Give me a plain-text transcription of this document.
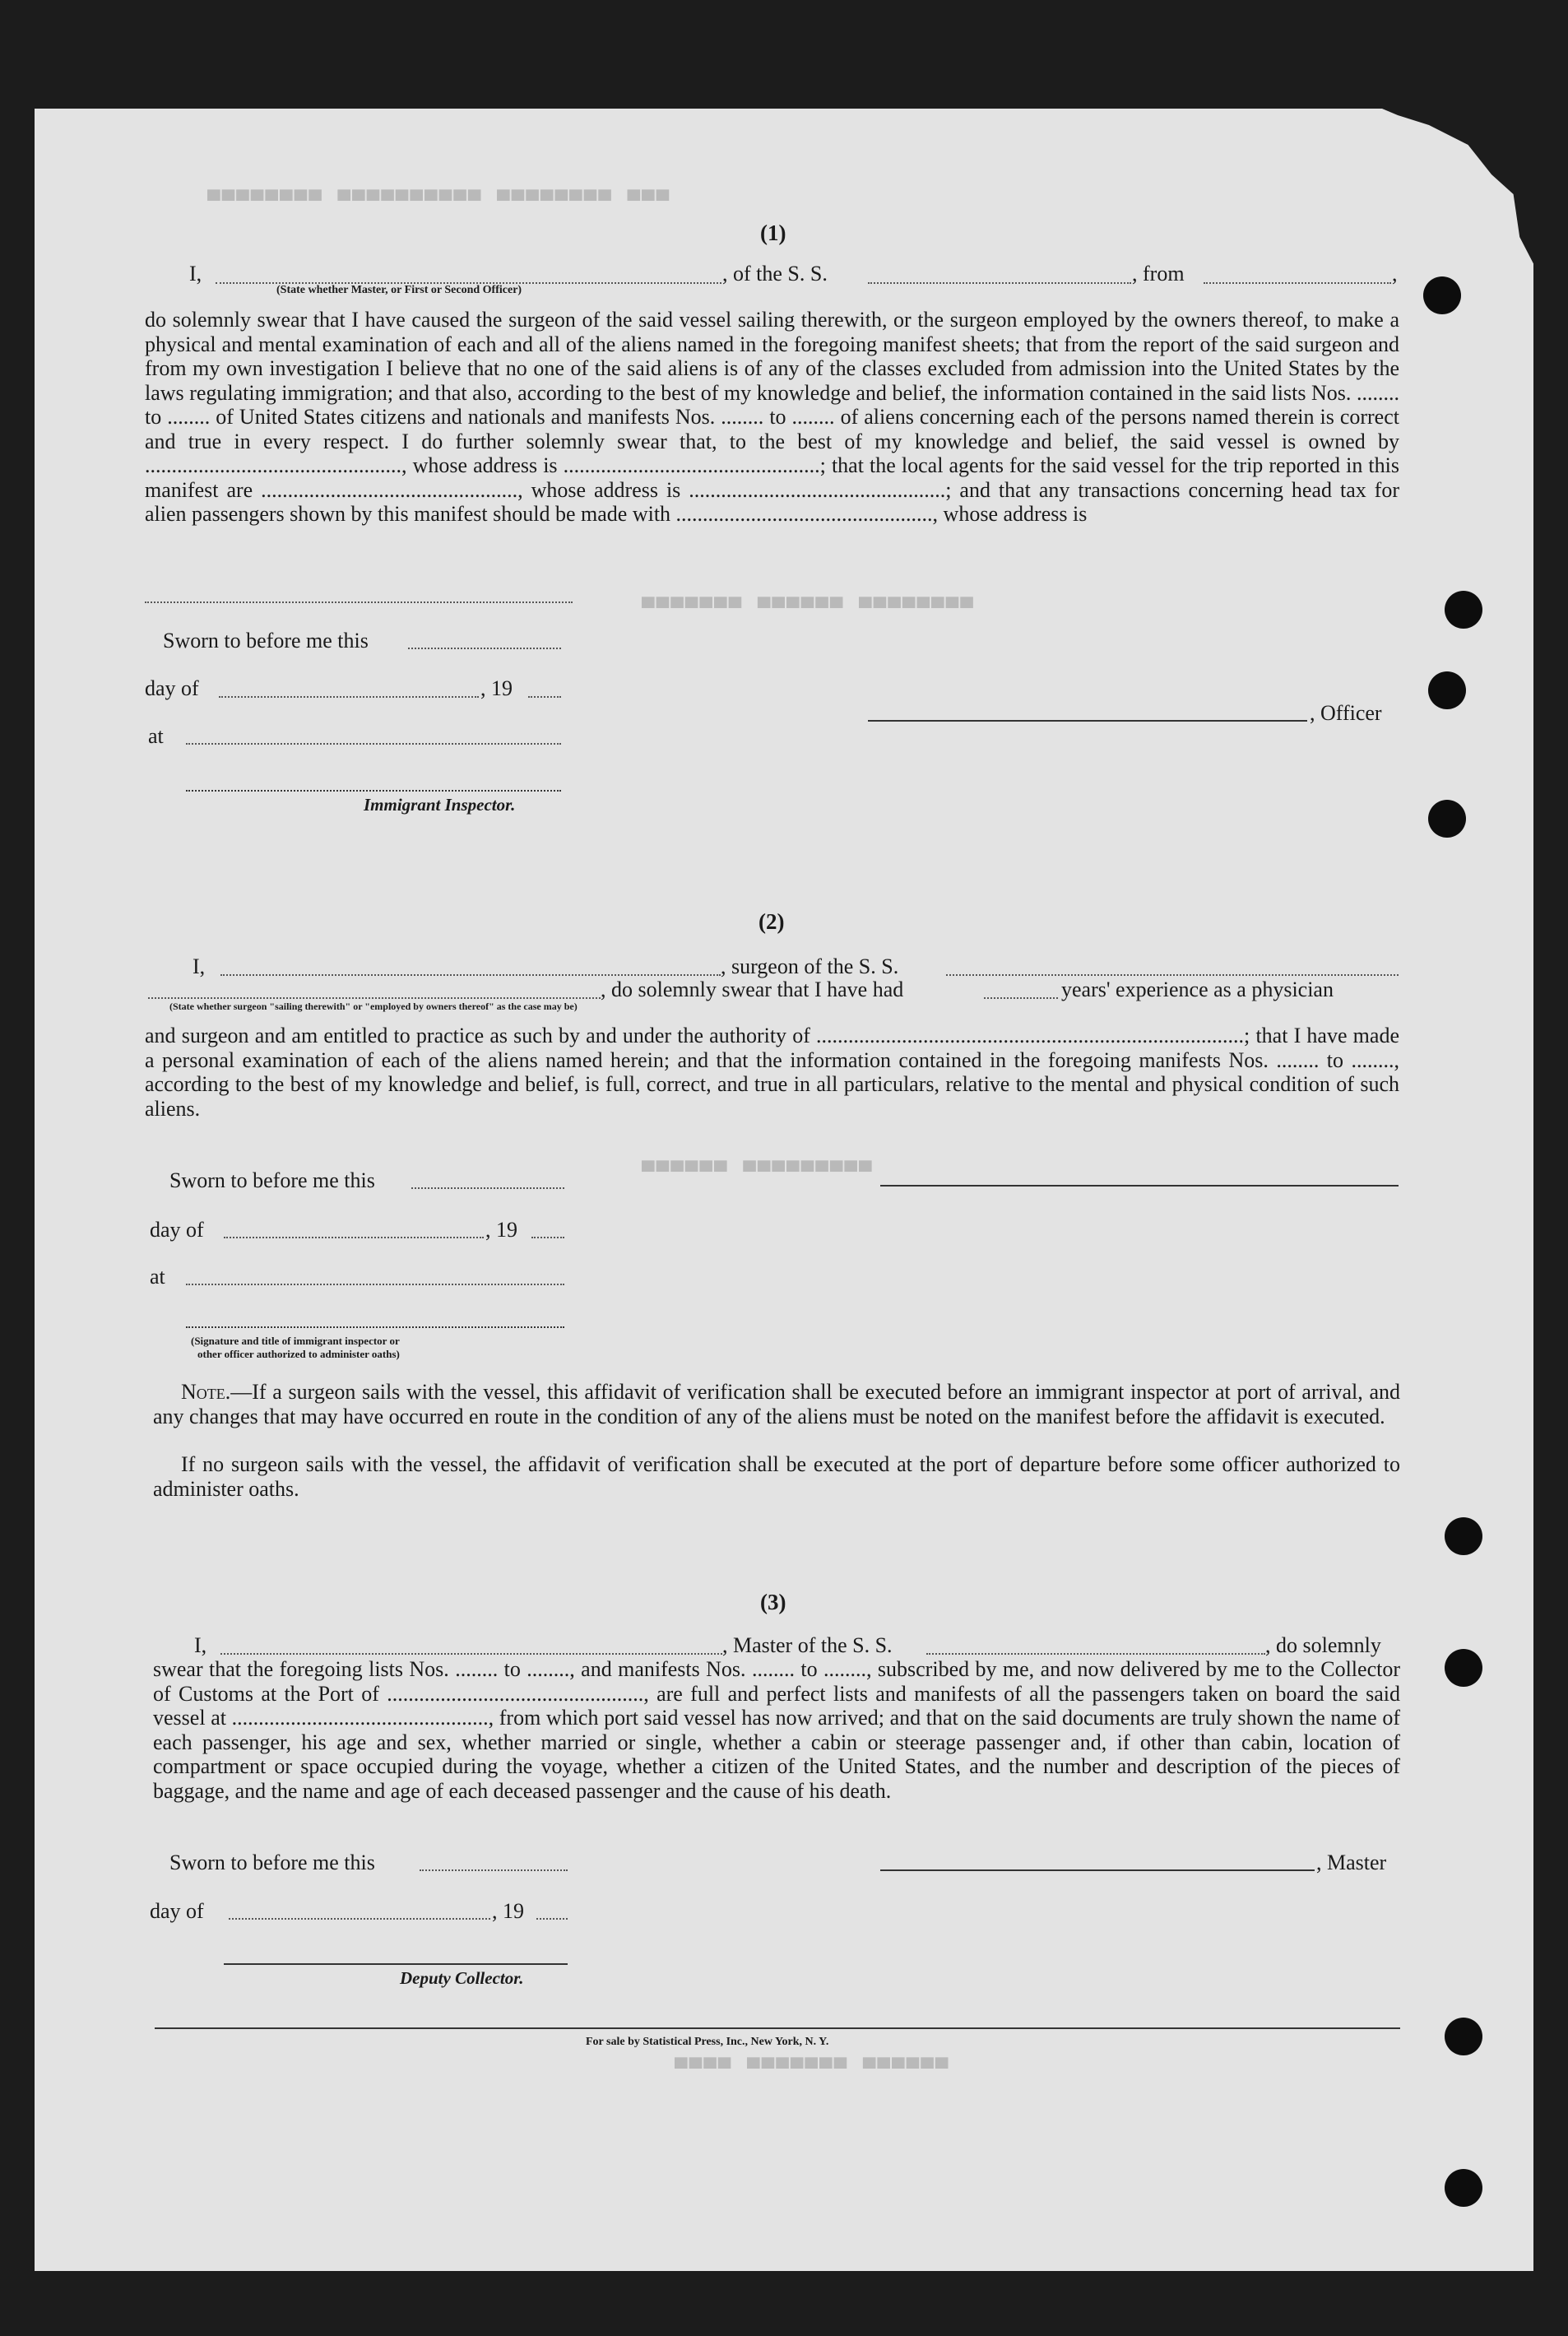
▀▀▀ ▀▀▀▀▀▀▀▀ ▀▀▀▀▀▀▀▀▀▀ ▀▀▀▀▀▀▀▀
▀▀▀▀▀▀▀ ▀▀▀▀▀▀ ▀▀▀▀▀▀▀▀
▀▀▀▀▀▀ ▀▀▀▀▀▀▀▀▀
▀▀▀▀ ▀▀▀▀▀▀▀ ▀▀▀▀▀▀
(1)
I,
(State whether Master, or First or Second Officer)
, of the S. S.	, from	,
do solemnly swear that I have caused the surgeon of the said vessel sailing therewith, or the surgeon employed by the owners thereof, to make a physical and mental examination of each and all of the aliens named in the foregoing manifest sheets; that from the report of the said surgeon and from my own investigation I believe that no one of the said aliens is of any of the classes excluded from admission into the United States by the laws regulating immigration; and that also, according to the best of my knowledge and belief, the information contained in the said lists Nos. ........ to ........ of United States citizens and nationals and manifests Nos. ........ to ........ of aliens concerning each of the persons named therein is correct and true in every respect. I do further solemnly swear that, to the best of my knowledge and belief, the said vessel is owned by ................................................, whose address is ................................................; that the local agents for the said vessel for the trip reported in this manifest are ................................................, whose address is ................................................; and that any transactions concerning head tax for alien passengers shown by this manifest should be made with ................................................, whose address is
Sworn to before me this
day of	, 19
at
Immigrant Inspector.
, Officer
(2)
I,	, surgeon of the S. S.
, do solemnly swear that I have had	years' experience as a physician
(State whether surgeon "sailing therewith" or "employed by owners thereof" as the case may be)
and surgeon and am entitled to practice as such by and under the authority of ................................................................................; that I have made a personal examination of each of the aliens named herein; and that the information contained in the foregoing manifests Nos. ........ to ........, according to the best of my knowledge and belief, is full, correct, and true in all particulars, relative to the mental and physical condition of such aliens.
Sworn to before me this
day of	, 19
at
(Signature and title of immigrant inspector or
other officer authorized to administer oaths)
Note.—If a surgeon sails with the vessel, this affidavit of verification shall be executed before an immigrant inspector at port of arrival, and any changes that may have occurred en route in the condition of any of the aliens must be noted on the manifest before the affidavit is executed.
If no surgeon sails with the vessel, the affidavit of verification shall be executed at the port of departure before some officer authorized to administer oaths.
(3)
I,	, Master of the S. S.	, do solemnly
swear that the foregoing lists Nos. ........ to ........, and manifests Nos. ........ to ........, subscribed by me, and now delivered by me to the Collector of Customs at the Port of ................................................, are full and perfect lists and manifests of all the passengers taken on board the said vessel at ................................................, from which port said vessel has now arrived; and that on the said documents are truly shown the name of each passenger, his age and sex, whether married or single, whether a cabin or steerage passenger and, if other than cabin, location of compartment or space occupied during the voyage, whether a citizen of the United States, and the number and description of the pieces of baggage, and the name and age of each deceased passenger and the cause of his death.
Sworn to before me this	, Master
day of	, 19
Deputy Collector.
For sale by Statistical Press, Inc., New York, N. Y.
